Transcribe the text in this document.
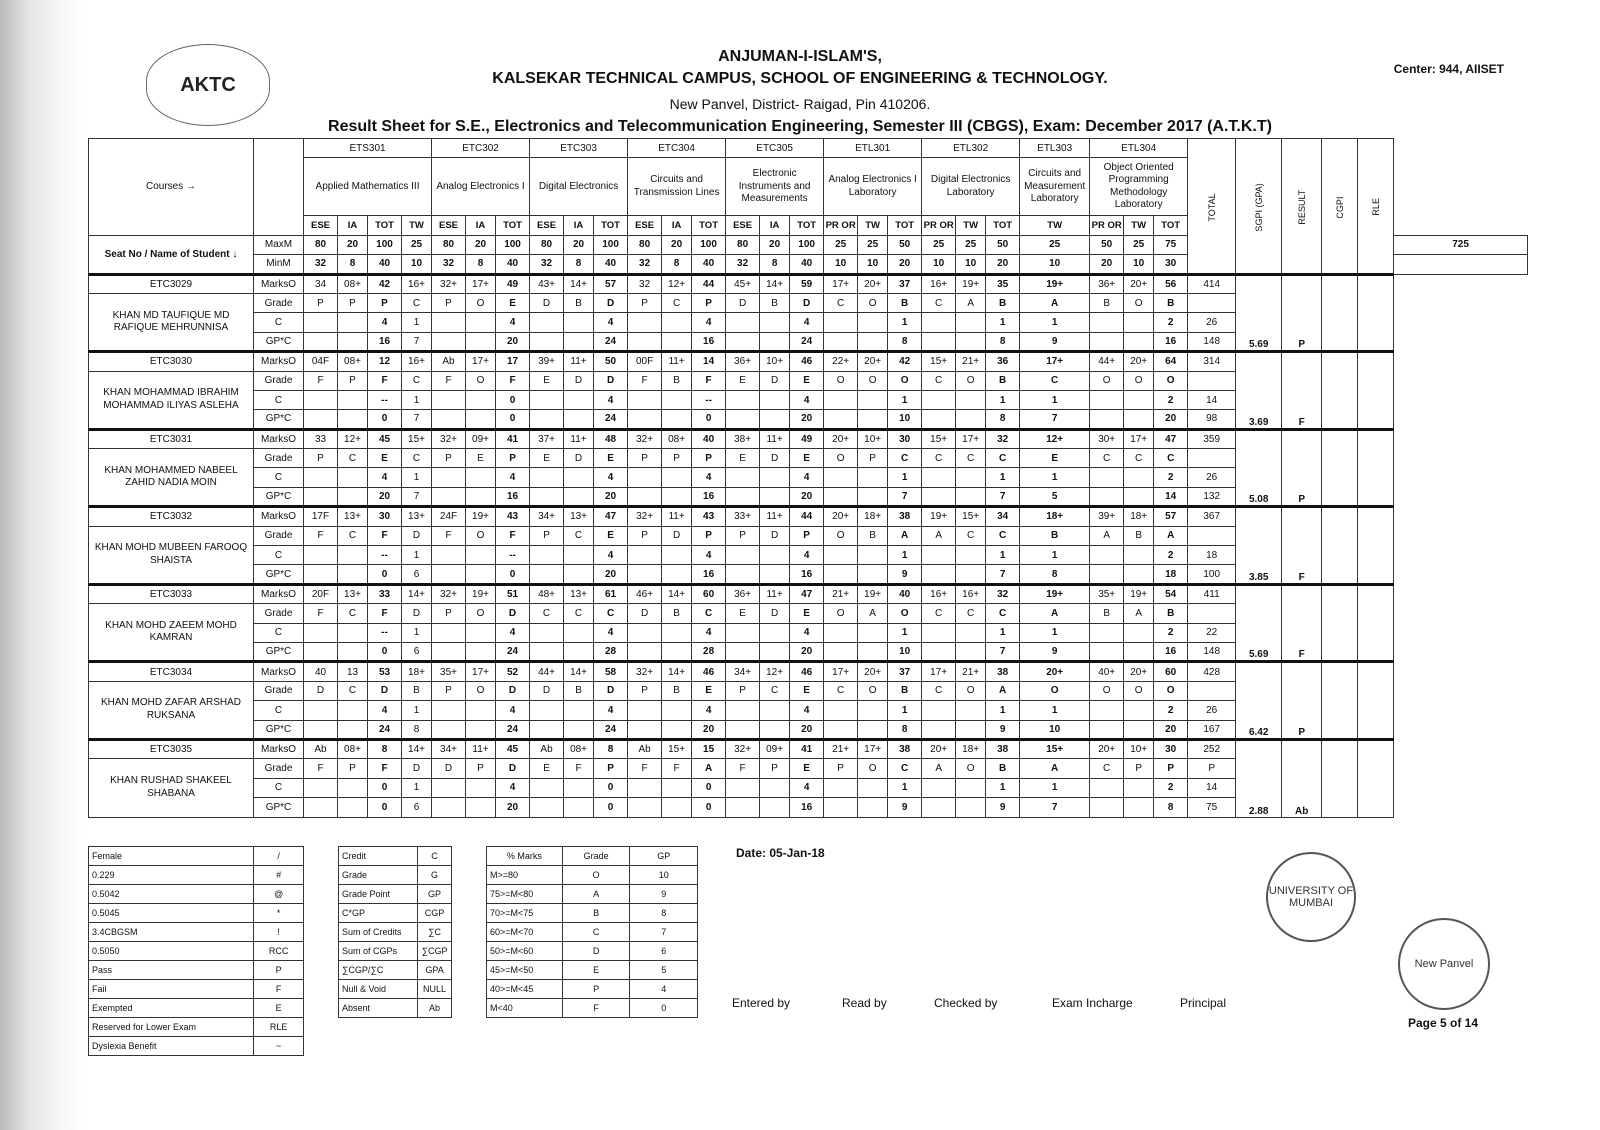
AKTC
ANJUMAN-I-ISLAM'S,
KALSEKAR TECHNICAL CAMPUS, SCHOOL OF ENGINEERING & TECHNOLOGY.
New Panvel, District- Raigad, Pin 410206.
Result Sheet for S.E., Electronics and Telecommunication Engineering, Semester III (CBGS), Exam: December 2017 (A.T.K.T)
Center: 944, AIISET
Courses →		ETS301				ETC302			ETC303			ETC304			ETC305			ETL301			ETL302			ETL303	ETL304			TOTAL	SGPI (GPA)	RESULT	CGPI	RLE	
		Applied Mathematics III				Analog Electronics I			Digital Electronics			Circuits and Transmission Lines			Electronic Instruments and Measurements			Analog Electronics I Laboratory			Digital Electronics Laboratory			Circuits and Measurement Laboratory	Object Oriented Programming Methodology Laboratory								
		ESE	IA	TOT	TW	ESE	IA	TOT	ESE	IA	TOT	ESE	IA	TOT	ESE	IA	TOT	PR OR	TW	TOT	PR OR	TW	TOT	TW	PR OR	TW	TOT						
Seat No / Name of Student ↓	MaxM	80	20	100	25	80	20	100	80	20	100	80	20	100	80	20	100	25	25	50	25	25	50	25	50	25	75						725
	MinM	32	8	40	10	32	8	40	32	8	40	32	8	40	32	8	40	10	10	20	10	10	20	10	20	10	30						
ETC3029	MarksO	34	08+	42	16+	32+	17+	49	43+	14+	57	32	12+	44	45+	14+	59	17+	20+	37	16+	19+	35	19+	36+	20+	56	414	5.69	P			
KHAN MD TAUFIQUE MD RAFIQUE MEHRUNNISA	Grade	P	P	P	C	P	O	E	D	B	D	P	C	P	D	B	D	C	O	B	C	A	B	A	B	O	B						
	C			4	1			4			4			4			4			1			1	1			2	26					
	GP*C			16	7			20			24			16			24			8			8	9			16	148					
ETC3030	MarksO	04F	08+	12	16+	Ab	17+	17	39+	11+	50	00F	11+	14	36+	10+	46	22+	20+	42	15+	21+	36	17+	44+	20+	64	314	3.69	F			
KHAN MOHAMMAD IBRAHIM MOHAMMAD ILIYAS ASLEHA	Grade	F	P	F	C	F	O	F	E	D	D	F	B	F	E	D	E	O	O	O	C	O	B	C	O	O	O						
	C			--	1			0			4			--			4			1			1	1			2	14					
	GP*C			0	7			0			24			0			20			10			8	7			20	98					
ETC3031	MarksO	33	12+	45	15+	32+	09+	41	37+	11+	48	32+	08+	40	38+	11+	49	20+	10+	30	15+	17+	32	12+	30+	17+	47	359	5.08	P			
KHAN MOHAMMED NABEEL ZAHID NADIA MOIN	Grade	P	C	E	C	P	E	P	E	D	E	P	P	P	E	D	E	O	P	C	C	C	C	E	C	C	C						
	C			4	1			4			4			4			4			1			1	1			2	26					
	GP*C			20	7			16			20			16			20			7			7	5			14	132					
ETC3032	MarksO	17F	13+	30	13+	24F	19+	43	34+	13+	47	32+	11+	43	33+	11+	44	20+	18+	38	19+	15+	34	18+	39+	18+	57	367	3.85	F			
KHAN MOHD MUBEEN FAROOQ SHAISTA	Grade	F	C	F	D	F	O	F	P	C	E	P	D	P	P	D	P	O	B	A	A	C	C	B	A	B	A						
	C			--	1			--			4			4			4			1			1	1			2	18					
	GP*C			0	6			0			20			16			16			9			7	8			18	100					
ETC3033	MarksO	20F	13+	33	14+	32+	19+	51	48+	13+	61	46+	14+	60	36+	11+	47	21+	19+	40	16+	16+	32	19+	35+	19+	54	411	5.69	F			
KHAN MOHD ZAEEM MOHD KAMRAN	Grade	F	C	F	D	P	O	D	C	C	C	D	B	C	E	D	E	O	A	O	C	C	C	A	B	A	B						
	C			--	1			4			4			4			4			1			1	1			2	22					
	GP*C			0	6			24			28			28			20			10			7	9			16	148					
ETC3034	MarksO	40	13	53	18+	35+	17+	52	44+	14+	58	32+	14+	46	34+	12+	46	17+	20+	37	17+	21+	38	20+	40+	20+	60	428	6.42	P			
KHAN MOHD ZAFAR ARSHAD RUKSANA	Grade	D	C	D	B	P	O	D	D	B	D	P	B	E	P	C	E	C	O	B	C	O	A	O	O	O	O						
	C			4	1			4			4			4			4			1			1	1			2	26					
	GP*C			24	8			24			24			20			20			8			9	10			20	167					
ETC3035	MarksO	Ab	08+	8	14+	34+	11+	45	Ab	08+	8	Ab	15+	15	32+	09+	41	21+	17+	38	20+	18+	38	15+	20+	10+	30	252	2.88	Ab			
KHAN RUSHAD SHAKEEL SHABANA	Grade	F	P	F	D	D	P	D	E	F	P	F	F	A	F	P	E	P	O	C	A	O	B	A	C	P	P	P					
	C			0	1			4			0			0			4			1			1	1			2	14					
	GP*C			0	6			20			0			0			16			9			9	7			8	75					
Female	/
0.229	#
0.5042	@
0.5045	*
3.4CBGSM	!
0.5050	RCC
Pass	P
Fail	F
Exempted	E
Reserved for Lower Exam	RLE
Dyslexia Benefit	~
Credit	C
Grade	G
Grade Point	GP
C*GP	CGP
Sum of Credits	∑C
Sum of CGPs	∑CGP
∑CGP/∑C	GPA
Null & Void	NULL
Absent	Ab
% Marks	Grade	GP
M>=80	O	10
75>=M<80	A	9
70>=M<75	B	8
60>=M<70	C	7
50>=M<60	D	6
45>=M<50	E	5
40>=M<45	P	4
M<40	F	0
Date: 05-Jan-18
Entered by	Read by	Checked by	Exam Incharge	Principal
UNIVERSITY OF MUMBAI
New Panvel
Page 5 of 14
